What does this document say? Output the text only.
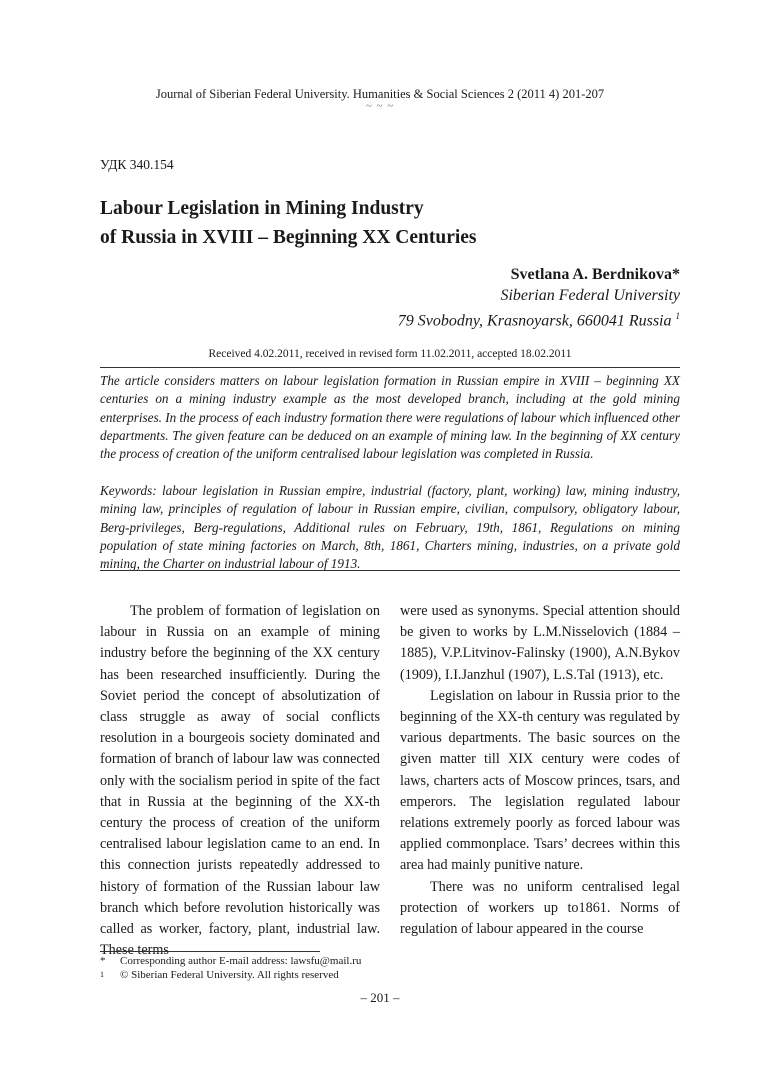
Journal of Siberian Federal University. Humanities & Social Sciences 2 (2011 4) 201-207
~ ~ ~
УДК 340.154
Labour Legislation in Mining Industry
of Russia in XVIII – Beginning XX Centuries
Svetlana A. Berdnikova*
Siberian Federal University
79 Svobodny, Krasnoyarsk, 660041 Russia $^1$
Received 4.02.2011, received in revised form 11.02.2011, accepted 18.02.2011
The article considers matters on labour legislation formation in Russian empire in XVIII – beginning XX centuries on a mining industry example as the most developed branch, including at the gold mining enterprises. In the process of each industry formation there were regulations of labour which influenced other departments. The given feature can be deduced on an example of mining law. In the beginning of XX century the process of creation of the uniform centralised labour legislation was completed in Russia.
Keywords: labour legislation in Russian empire, industrial (factory, plant, working) law, mining industry, mining law, principles of regulation of labour in Russian empire, civilian, compulsory, obligatory labour, Berg-privileges, Berg-regulations, Additional rules on February, 19th, 1861, Regulations on mining population of state mining factories on March, 8th, 1861, Charters mining, industries, on a private gold mining, the Charter on industrial labour of 1913.

The problem of formation of legislation on labour in Russia on an example of mining industry before the beginning of the XX century has been researched insufficiently. During the Soviet period the concept of absolutization of class struggle as away of social conflicts resolution in a bourgeois society dominated and formation of branch of labour law was connected only with the socialism period in spite of the fact that in Russia at the beginning of the XX-th century the process of creation of the uniform centralised labour legislation came to an end. In this connection jurists repeatedly addressed to history of formation of the Russian labour law branch which before revolution historically was called as worker, factory, plant, industrial law. These terms

were used as synonyms. Special attention should be given to works by L.M.Nisselovich (1884 – 1885), V.P.Litvinov-Falinsky (1900), A.N.Bykov (1909), I.I.Janzhul (1907), L.S.Tal (1913), etc.

Legislation on labour in Russia prior to the beginning of the XX-th century was regulated by various departments. The basic sources on the given matter till XIX century were codes of laws, charters acts of Moscow princes, tsars, and emperors. The legislation regulated labour relations extremely poorly as forced labour was applied commonplace. Tsars’ decrees within this area had mainly punitive nature.

There was no uniform centralised legal protection of workers up to1861. Norms of regulation of labour appeared in the course

*	Corresponding author E-mail address: lawsfu@mail.ru
1	© Siberian Federal University. All rights reserved
– 201 –
